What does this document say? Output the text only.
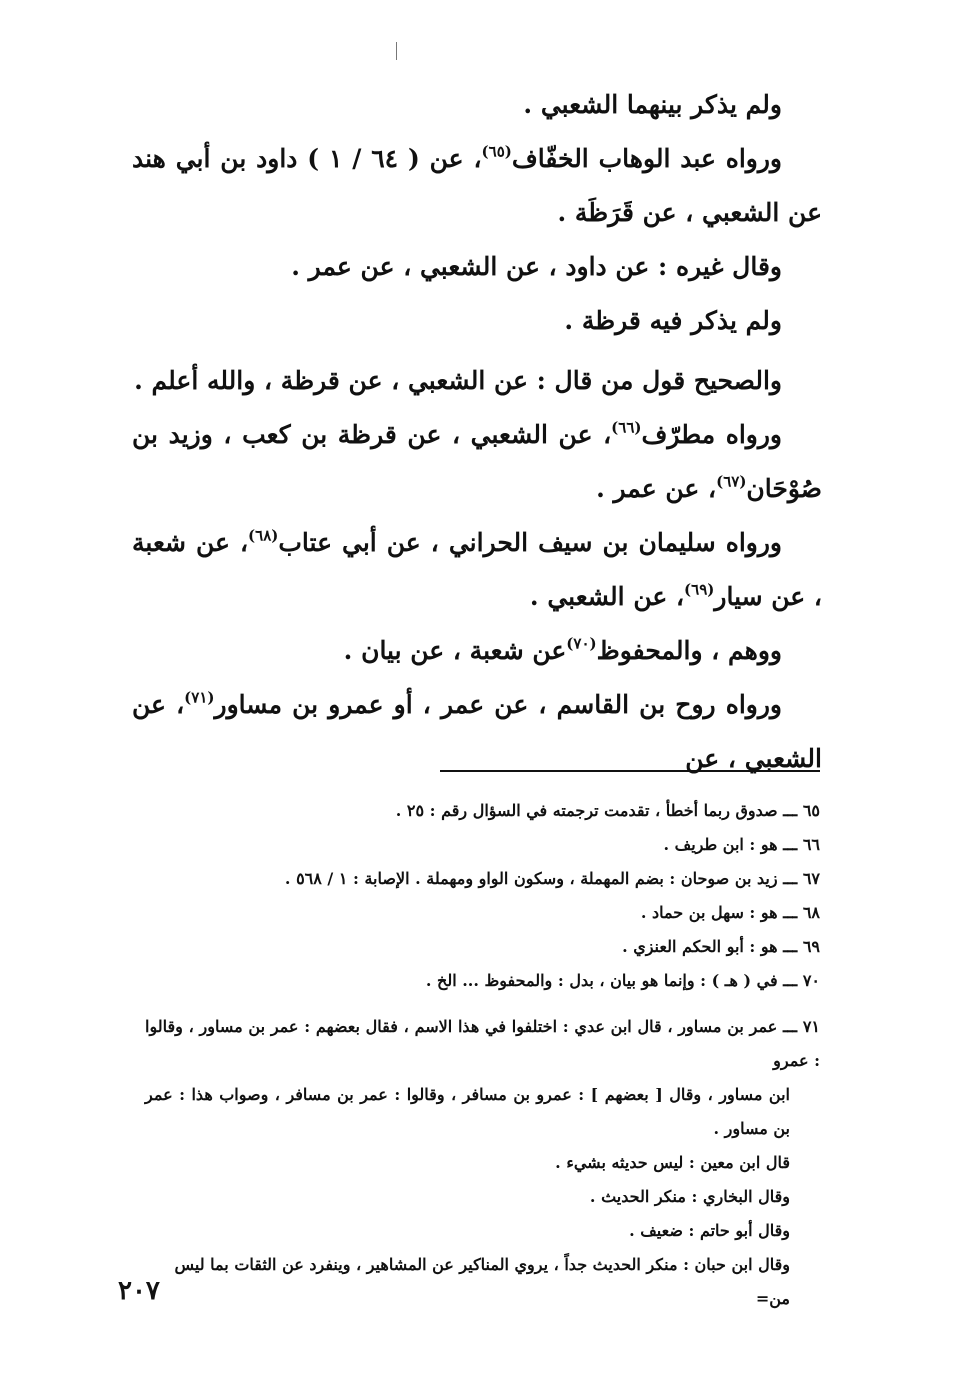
ولم يذكر بينهما الشعبي .

ورواه عبد الوهاب الخفّاف$^{(٦٥)}$، عن ( ٦٤ / ١ ) داود بن أبي هند عن الشعبي ، عن قَرَظَة .

وقال غيره : عن داود ، عن الشعبي ، عن عمر .

ولم يذكر فيه قرظة .

والصحيح قول من قال : عن الشعبي ، عن قرظة ، والله أعلم .

ورواه مطرّف$^{(٦٦)}$، عن الشعبي ، عن قرظة بن كعب ، وزيد بن صُوْحَان$^{(٦٧)}$، عن عمر .

ورواه سليمان بن سيف الحراني ، عن أبي عتاب$^{(٦٨)}$، عن شعبة ، عن سيار$^{(٦٩)}$، عن الشعبي .

ووهم ، والمحفوظ$^{(٧٠)}$عن شعبة ، عن بيان .

ورواه روح بن القاسم ، عن عمر ، أو عمرو بن مساور$^{(٧١)}$، عن الشعبي ، عن

٦٥ ـــ صدوق ربما أخطأ ، تقدمت ترجمته في السؤال رقم : ٢٥ .

٦٦ ـــ هو : ابن طريف .

٦٧ ـــ زيد بن صوحان : بضم المهملة ، وسكون الواو ومهملة . الإصابة : ١ / ٥٦٨ .

٦٨ ـــ هو : سهل بن حماد .

٦٩ ـــ هو : أبو الحكم العنزي .

٧٠ ـــ في ( هـ ) : وإنما هو بيان ، بدل : والمحفوظ ... الخ .

٧١ ـــ عمر بن مساور ، قال ابن عدي : اختلفوا في هذا الاسم ، فقال بعضهم : عمر بن مساور ، وقالوا : عمرو

ابن مساور ، وقال [ بعضهم ] : عمرو بن مسافر ، وقالوا : عمر بن مسافر ، وصواب هذا : عمر بن مساور .

قال ابن معين : ليس حديثه بشيء .

وقال البخاري : منكر الحديث .

وقال أبو حاتم : ضعيف .

وقال ابن حبان : منكر الحديث جداً ، يروي المناكير عن المشاهير ، وينفرد عن الثقات بما ليس من=

٢٠٧
